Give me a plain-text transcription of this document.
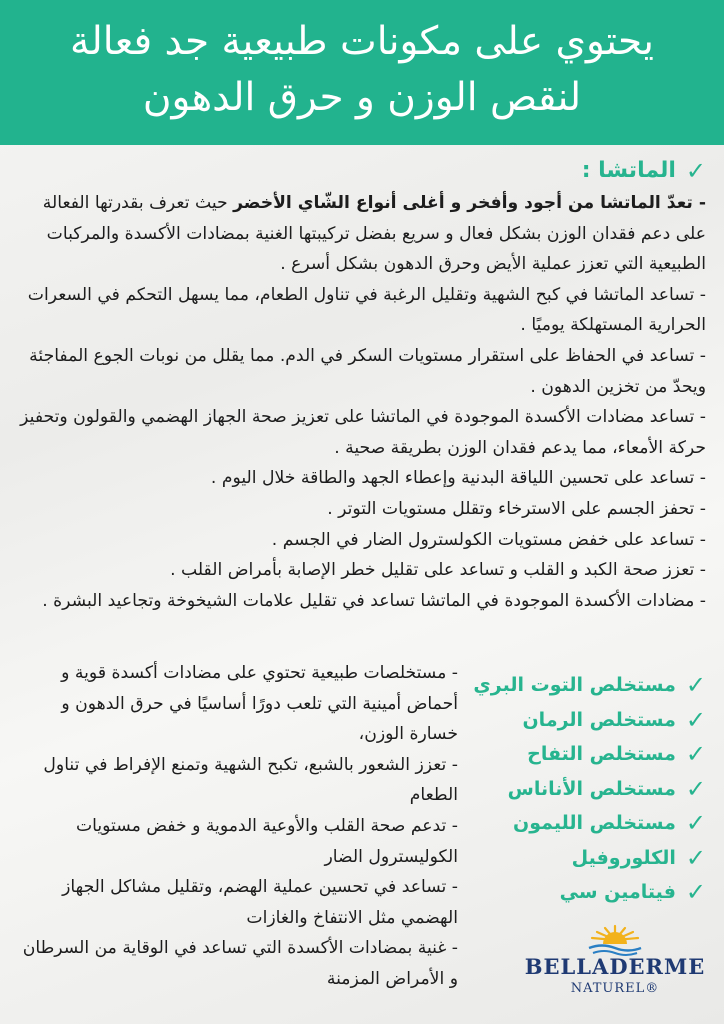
يحتوي على مكونات طبيعية جد فعالة
لنقص الوزن و حرق الدهون
✓
الماتشا :

- تعدّ الماتشا من أجود وأفخر و أغلى أنواع الشّاي الأخضر حيث تعرف بقدرتها الفعالة على دعم فقدان الوزن بشكل فعال و سريع بفضل تركيبتها الغنية بمضادات الأكسدة والمركبات الطبيعية التي تعزز عملية الأيض وحرق الدهون بشكل أسرع .

- تساعد الماتشا في كبح الشهية وتقليل الرغبة في تناول الطعام، مما يسهل التحكم في السعرات الحرارية المستهلكة يوميًا .

- تساعد في الحفاظ على استقرار مستويات السكر في الدم. مما يقلل من نوبات الجوع المفاجئة ويحدّ من تخزين الدهون .

- تساعد مضادات الأكسدة الموجودة في الماتشا على تعزيز صحة الجهاز الهضمي والقولون وتحفيز حركة الأمعاء، مما يدعم فقدان الوزن بطريقة صحية .

- تساعد على تحسين اللياقة البدنية وإعطاء الجهد والطاقة خلال اليوم .

- تحفز الجسم على الاسترخاء وتقلل مستويات التوتر .

- تساعد على خفض مستويات الكولسترول الضار في الجسم .

- تعزز صحة الكبد و القلب و تساعد على تقليل خطر الإصابة بأمراض القلب .

- مضادات الأكسدة الموجودة في الماتشا تساعد في تقليل علامات الشيخوخة وتجاعيد البشرة .

✓
مستخلص التوت البري
✓
مستخلص الرمان
✓
مستخلص التفاح
✓
مستخلص الأناناس
✓
مستخلص الليمون
✓
الكلوروفيل
✓
فيتامين سي

- مستخلصات طبيعية تحتوي على مضادات أكسدة قوية و أحماض أمينية التي تلعب دورًا أساسيًا في حرق الدهون و خسارة الوزن،

- تعزز الشعور بالشبع، تكبح الشهية وتمنع الإفراط في تناول الطعام

- تدعم صحة القلب والأوعية الدموية و خفض مستويات الكوليسترول الضار

- تساعد في تحسين عملية الهضم، وتقليل مشاكل الجهاز الهضمي مثل الانتفاخ والغازات

- غنية بمضادات الأكسدة التي تساعد في الوقاية من السرطان و الأمراض المزمنة	BELLADERME
NATUREL®
